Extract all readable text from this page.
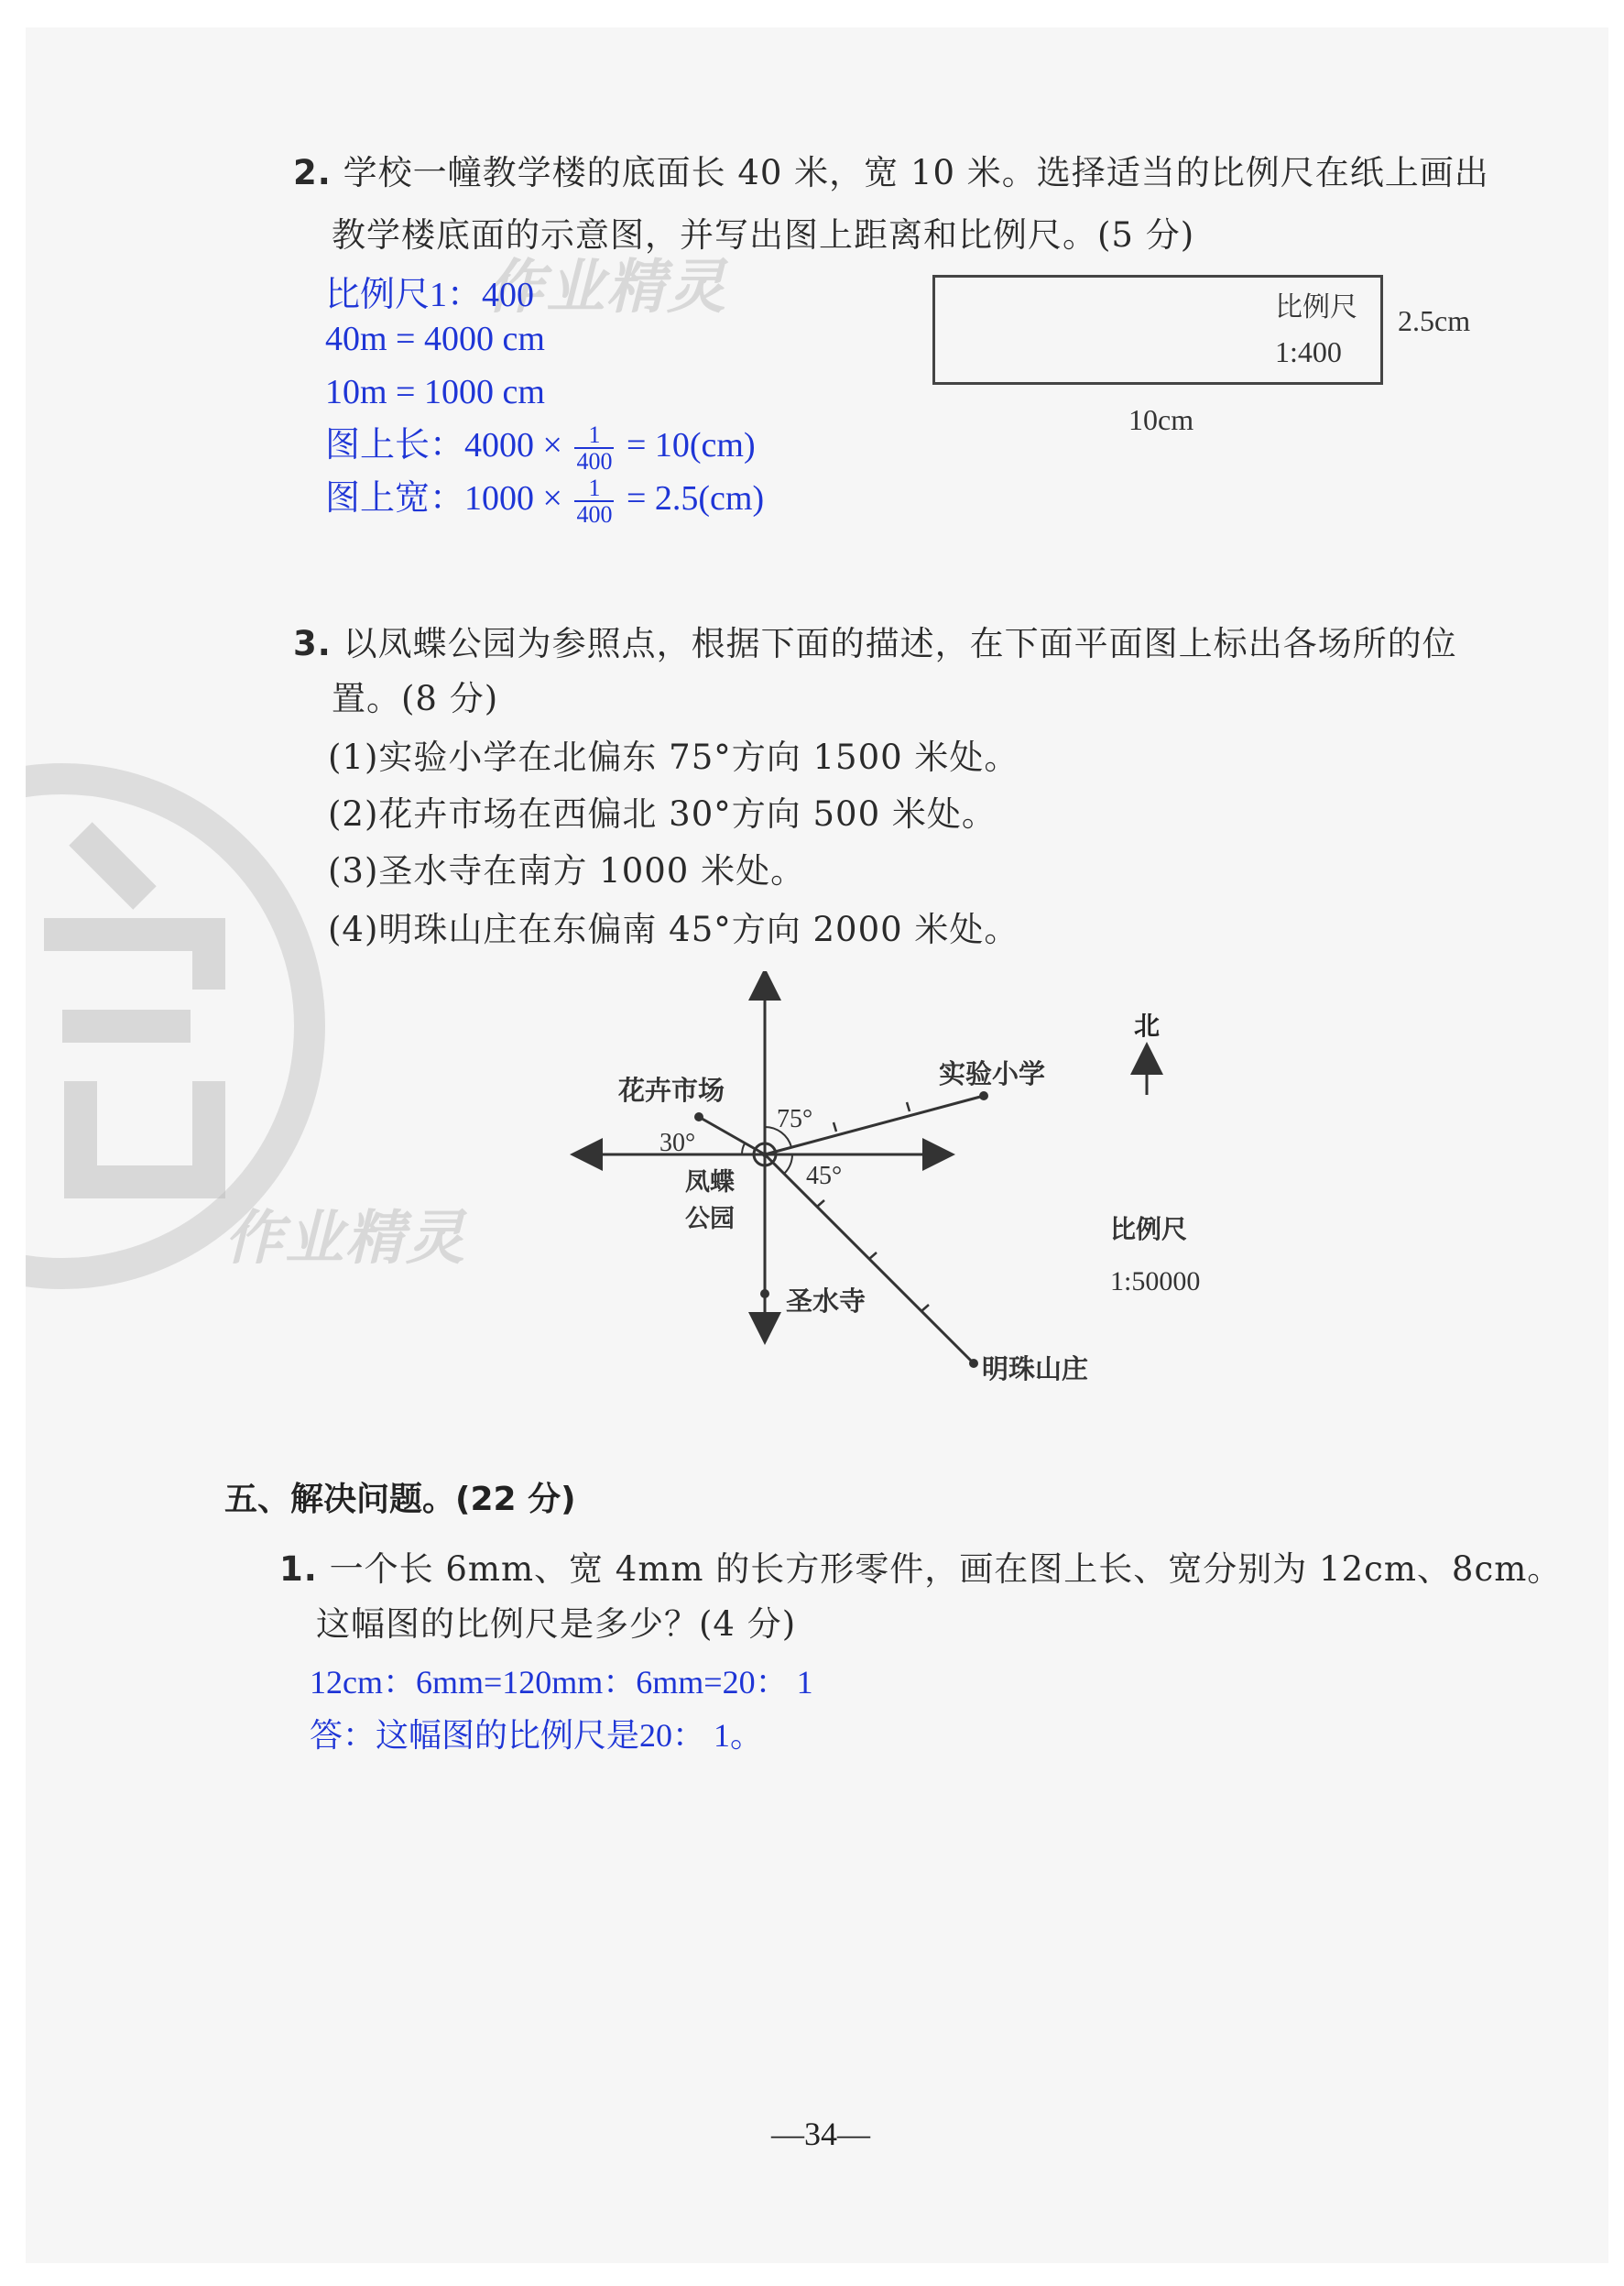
作业精灵
作业精灵
2. 学校一幢教学楼的底面长 40 米，宽 10 米。选择适当的比例尺在纸上画出
教学楼底面的示意图，并写出图上距离和比例尺。(5 分)
比例尺1：400
40m = 4000 cm
10m = 1000 cm
图上长：$4000 \times \frac{1}{400} = 10(cm)$
图上宽：$1000 \times \frac{1}{400} = 2.5(cm)$
比例尺
1:400
2.5cm
10cm
3. 以凤蝶公园为参照点，根据下面的描述，在下面平面图上标出各场所的位
置。(8 分)
(1)实验小学在北偏东 75°方向 1500 米处。
(2)花卉市场在西偏北 30°方向 500 米处。
(3)圣水寺在南方 1000 米处。
(4)明珠山庄在东偏南 45°方向 2000 米处。
北
花卉市场
实验小学
75°
30°
45°
凤蝶
公园
圣水寺
明珠山庄
比例尺
1:50000
五、解决问题。(22 分)
1. 一个长 6mm、宽 4mm 的长方形零件，画在图上长、宽分别为 12cm、8cm。
这幅图的比例尺是多少？(4 分)
12cm：6mm=120mm：6mm=20： 1
答：这幅图的比例尺是20： 1。
—34—
